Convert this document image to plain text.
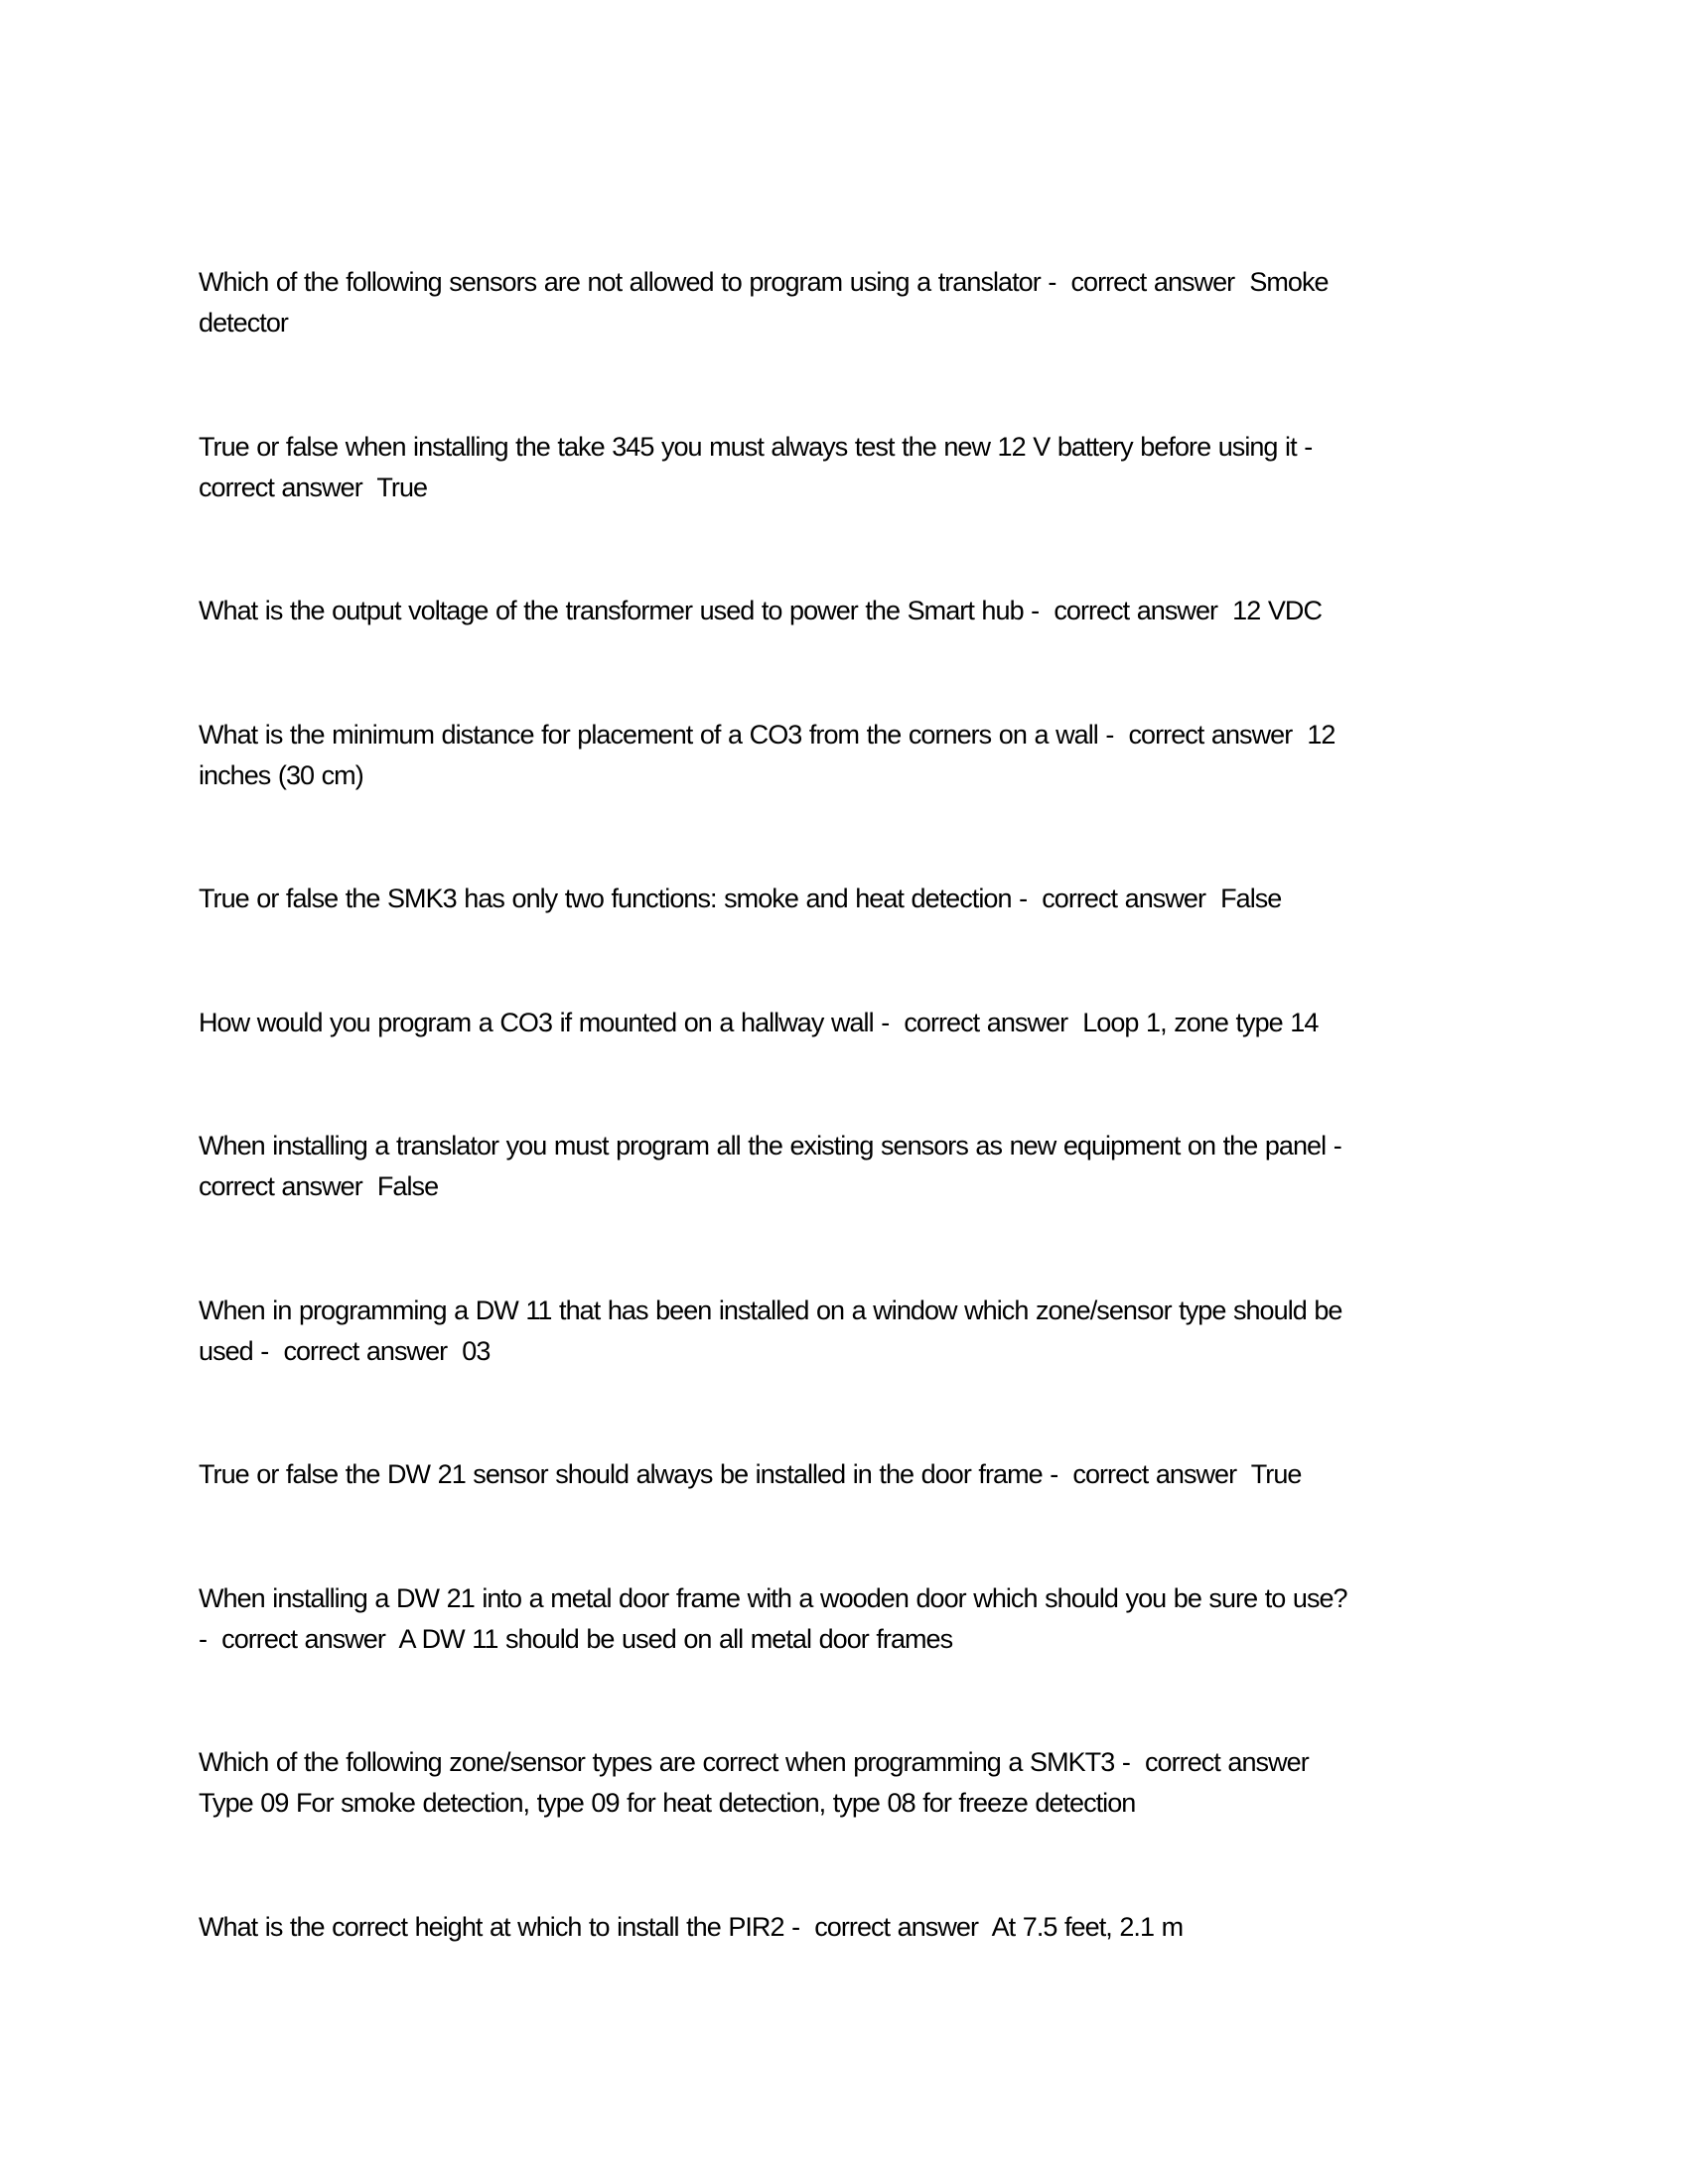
Which of the following sensors are not allowed to program using a translator -  correct answer  Smoke
detector
True or false when installing the take 345 you must always test the new 12 V battery before using it -
correct answer  True
What is the output voltage of the transformer used to power the Smart hub -  correct answer  12 VDC
What is the minimum distance for placement of a CO3 from the corners on a wall -  correct answer  12
inches (30 cm)
True or false the SMK3 has only two functions: smoke and heat detection -  correct answer  False
How would you program a CO3 if mounted on a hallway wall -  correct answer  Loop 1, zone type 14
When installing a translator you must program all the existing sensors as new equipment on the panel -
correct answer  False
When in programming a DW 11 that has been installed on a window which zone/sensor type should be
used -  correct answer  03
True or false the DW 21 sensor should always be installed in the door frame -  correct answer  True
When installing a DW 21 into a metal door frame with a wooden door which should you be sure to use?
-  correct answer  A DW 11 should be used on all metal door frames
Which of the following zone/sensor types are correct when programming a SMKT3 -  correct answer
Type 09 For smoke detection, type 09 for heat detection, type 08 for freeze detection
What is the correct height at which to install the PIR2 -  correct answer  At 7.5 feet, 2.1 m
